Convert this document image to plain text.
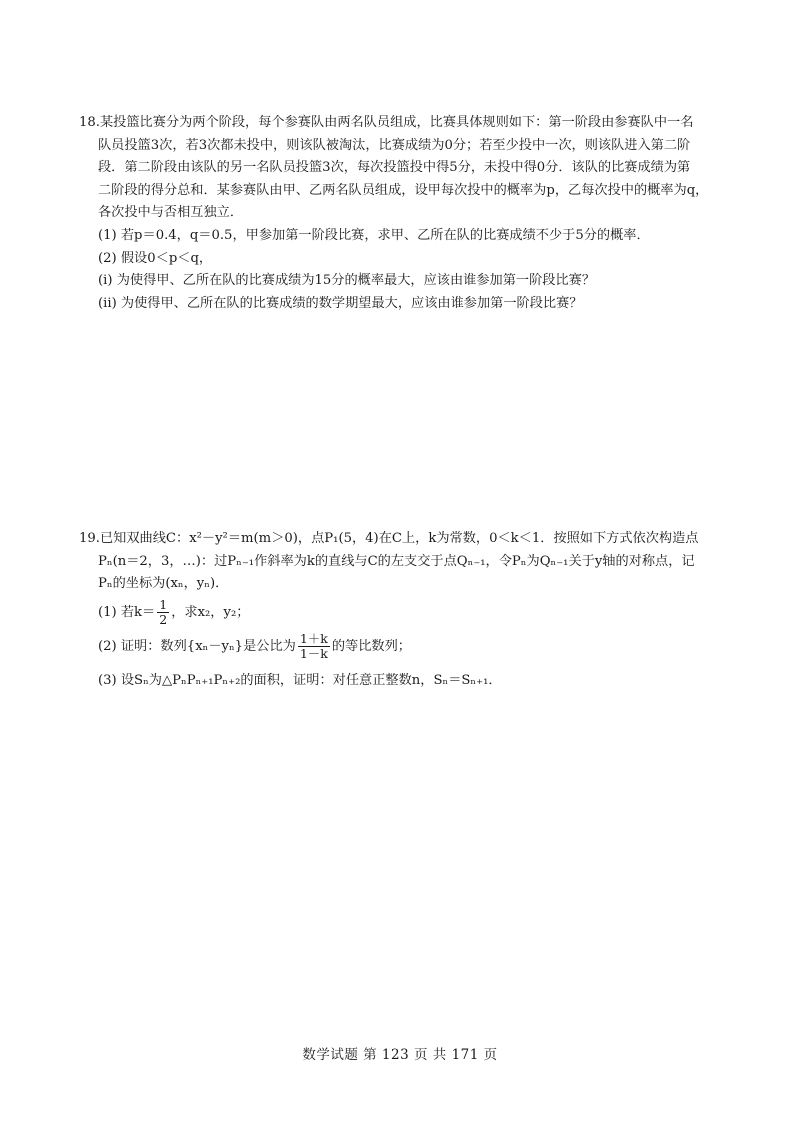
18.某投篮比赛分为两个阶段，每个参赛队由两名队员组成，比赛具体规则如下：第一阶段由参赛队中一名
队员投篮3次，若3次都未投中，则该队被淘汰，比赛成绩为0分；若至少投中一次，则该队进入第二阶
段．第二阶段由该队的另一名队员投篮3次，每次投篮投中得5分，未投中得0分．该队的比赛成绩为第
二阶段的得分总和．某参赛队由甲、乙两名队员组成，设甲每次投中的概率为p，乙每次投中的概率为q，
各次投中与否相互独立．
(1) 若p＝0.4，q＝0.5，甲参加第一阶段比赛，求甲、乙所在队的比赛成绩不少于5分的概率．
(2) 假设0＜p＜q，
(i) 为使得甲、乙所在队的比赛成绩为15分的概率最大，应该由谁参加第一阶段比赛？
(ii) 为使得甲、乙所在队的比赛成绩的数学期望最大，应该由谁参加第一阶段比赛？
19.已知双曲线C：x²－y²＝m(m＞0)，点P₁(5，4)在C上，k为常数，0＜k＜1．按照如下方式依次构造点
Pₙ(n＝2，3，…)：过Pₙ₋₁作斜率为k的直线与C的左支交于点Qₙ₋₁，令Pₙ为Qₙ₋₁关于y轴的对称点，记
Pₙ的坐标为(xₙ，yₙ)．
(1) 若$k= \frac{1}{2}$ ，求x₂，y₂；
(2) 证明：数列{xₙ－yₙ}是公比为 $\frac{1+k}{1-k}$ 的等比数列；
(3) 设Sₙ为△PₙPₙ₊₁Pₙ₊₂的面积，证明：对任意正整数n，Sₙ＝Sₙ₊₁．
数学试题 第 123 页 共 171 页
